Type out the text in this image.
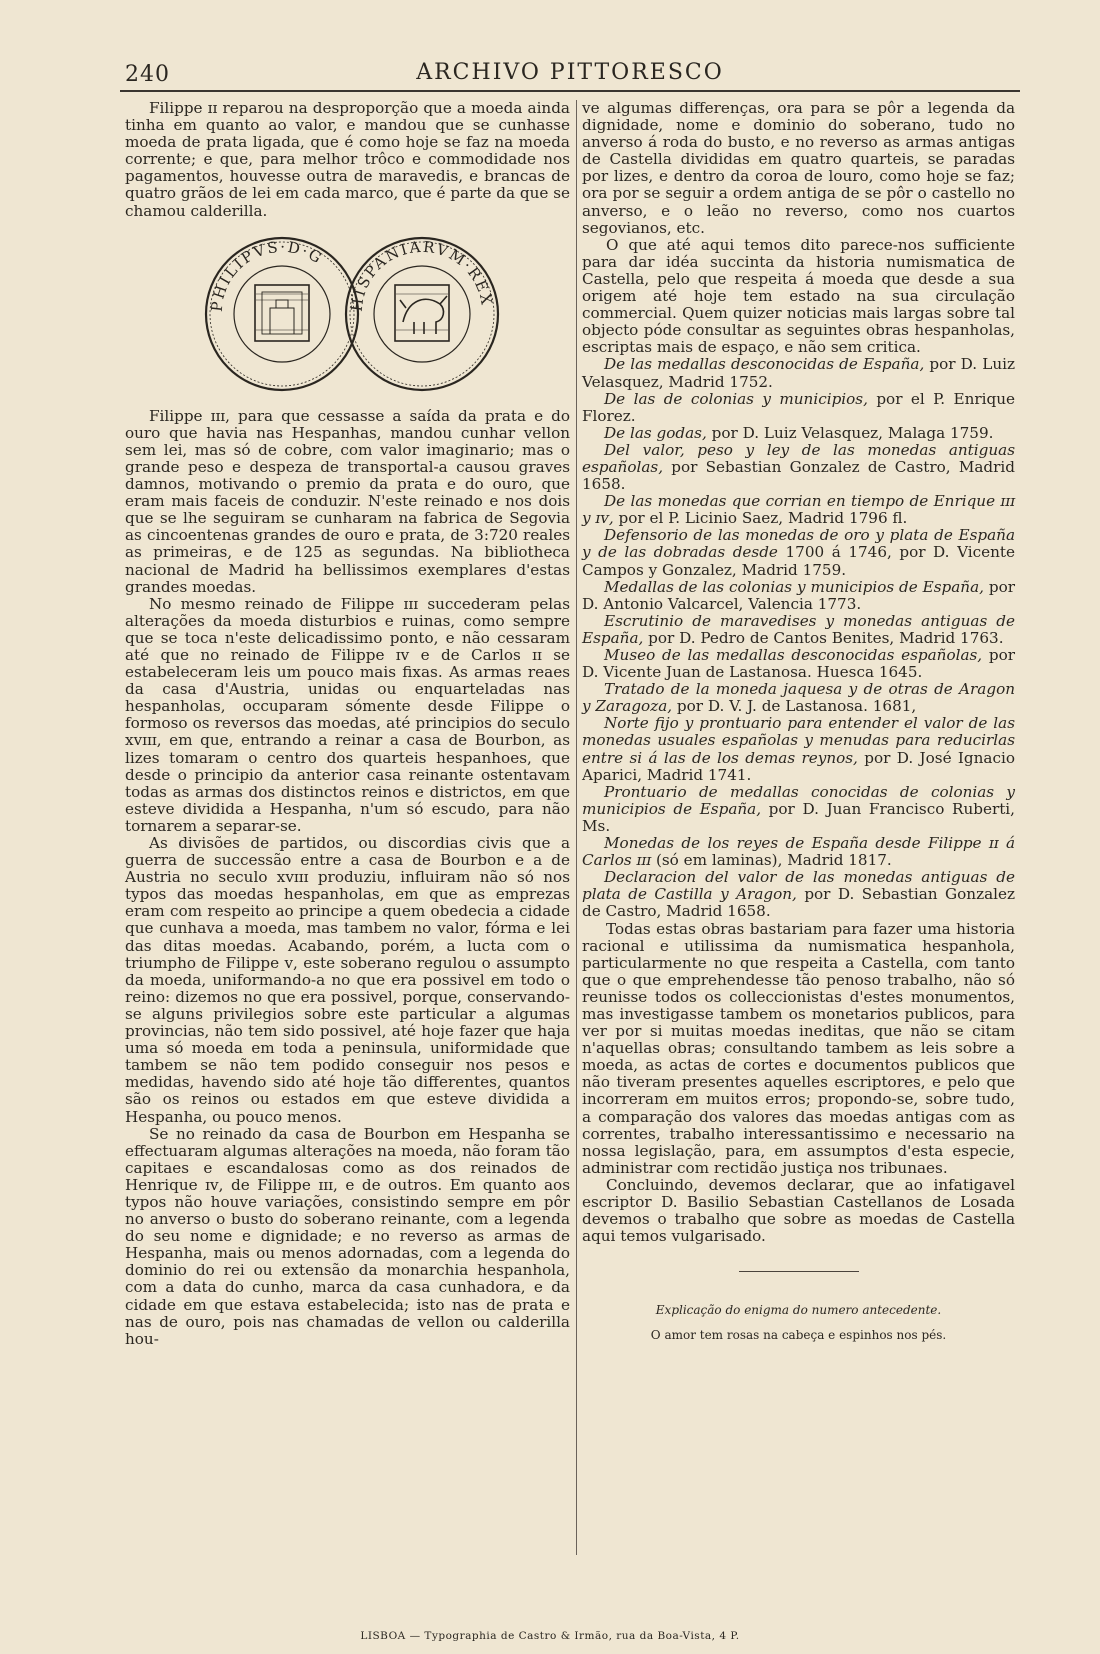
240	ARCHIVO PITTORESCO

Filippe ɪɪ reparou na desproporção que a moeda ainda tinha em quanto ao valor, e mandou que se cunhasse moeda de prata ligada, que é como hoje se faz na moeda corrente; e que, para melhor trôco e commodidade nos pagamentos, houvesse outra de maravedis, e brancas de quatro grãos de lei em cada marco, que é parte da que se chamou calderilla.

PHILIPVS·D·G
HISPANIARVM·REX

Filippe ɪɪɪ, para que cessasse a saída da prata e do ouro que havia nas Hespanhas, mandou cunhar vellon sem lei, mas só de cobre, com valor imaginario; mas o grande peso e despeza de transportal-a causou graves damnos, motivando o premio da prata e do ouro, que eram mais faceis de conduzir. N'este reinado e nos dois que se lhe seguiram se cunharam na fabrica de Segovia as cincoentenas grandes de ouro e prata, de 3:720 reales as primeiras, e de 125 as segundas. Na bibliotheca nacional de Madrid ha bellissimos exemplares d'estas grandes moedas.

No mesmo reinado de Filippe ɪɪɪ succederam pelas alterações da moeda disturbios e ruinas, como sempre que se toca n'este delicadissimo ponto, e não cessaram até que no reinado de Filippe ɪᴠ e de Carlos ɪɪ se estabeleceram leis um pouco mais fixas. As armas reaes da casa d'Austria, unidas ou enquarteladas nas hespanholas, occuparam sómente desde Filippe o formoso os reversos das moedas, até principios do seculo xᴠɪɪɪ, em que, entrando a reinar a casa de Bourbon, as lizes tomaram o centro dos quarteis hespanhoes, que desde o principio da anterior casa reinante ostentavam todas as armas dos distinctos reinos e districtos, em que esteve dividida a Hespanha, n'um só escudo, para não tornarem a separar-se.

As divisões de partidos, ou discordias civis que a guerra de successão entre a casa de Bourbon e a de Austria no seculo xᴠɪɪɪ produziu, influiram não só nos typos das moedas hespanholas, em que as emprezas eram com respeito ao principe a quem obedecia a cidade que cunhava a moeda, mas tambem no valor, fórma e lei das ditas moedas. Acabando, porém, a lucta com o triumpho de Filippe ᴠ, este soberano regulou o assumpto da moeda, uniformando-a no que era possivel em todo o reino: dizemos no que era possivel, porque, conservando-se alguns privilegios sobre este particular a algumas provincias, não tem sido possivel, até hoje fazer que haja uma só moeda em toda a peninsula, uniformidade que tambem se não tem podido conseguir nos pesos e medidas, havendo sido até hoje tão differentes, quantos são os reinos ou estados em que esteve dividida a Hespanha, ou pouco menos.

Se no reinado da casa de Bourbon em Hespanha se effectuaram algumas alterações na moeda, não foram tão capitaes e escandalosas como as dos reinados de Henrique ɪᴠ, de Filippe ɪɪɪ, e de outros. Em quanto aos typos não houve variações, consistindo sempre em pôr no anverso o busto do soberano reinante, com a legenda do seu nome e dignidade; e no reverso as armas de Hespanha, mais ou menos adornadas, com a legenda do dominio do rei ou extensão da monarchia hespanhola, com a data do cunho, marca da casa cunhadora, e da cidade em que estava estabelecida; isto nas de prata e nas de ouro, pois nas chamadas de vellon ou calderilla hou-

ve algumas differenças, ora para se pôr a legenda da dignidade, nome e dominio do soberano, tudo no anverso á roda do busto, e no reverso as armas antigas de Castella divididas em quatro quarteis, se paradas por lizes, e dentro da coroa de louro, como hoje se faz; ora por se seguir a ordem antiga de se pôr o castello no anverso, e o leão no reverso, como nos cuartos segovianos, etc.

O que até aqui temos dito parece-nos sufficiente para dar idéa succinta da historia numismatica de Castella, pelo que respeita á moeda que desde a sua origem até hoje tem estado na sua circulação commercial. Quem quizer noticias mais largas sobre tal objecto póde consultar as seguintes obras hespanholas, escriptas mais de espaço, e não sem critica.

De las medallas desconocidas de España, por D. Luiz Velasquez, Madrid 1752.

De las de colonias y municipios, por el P. Enrique Florez.

De las godas, por D. Luiz Velasquez, Malaga 1759.

Del valor, peso y ley de las monedas antiguas españolas, por Sebastian Gonzalez de Castro, Madrid 1658.

De las monedas que corrian en tiempo de Enrique ɪɪɪ y ɪᴠ, por el P. Licinio Saez, Madrid 1796 fl.

Defensorio de las monedas de oro y plata de España y de las dobradas desde 1700 á 1746, por D. Vicente Campos y Gonzalez, Madrid 1759.

Medallas de las colonias y municipios de España, por D. Antonio Valcarcel, Valencia 1773.

Escrutinio de maravedises y monedas antiguas de España, por D. Pedro de Cantos Benites, Madrid 1763.

Museo de las medallas desconocidas españolas, por D. Vicente Juan de Lastanosa. Huesca 1645.

Tratado de la moneda jaquesa y de otras de Aragon y Zaragoza, por D. V. J. de Lastanosa. 1681,

Norte fijo y prontuario para entender el valor de las monedas usuales españolas y menudas para reducirlas entre si á las de los demas reynos, por D. José Ignacio Aparici, Madrid 1741.

Prontuario de medallas conocidas de colonias y municipios de España, por D. Juan Francisco Ruberti, Ms.

Monedas de los reyes de España desde Filippe ɪɪ á Carlos ɪɪɪ (só em laminas), Madrid 1817.

Declaracion del valor de las monedas antiguas de plata de Castilla y Aragon, por D. Sebastian Gonzalez de Castro, Madrid 1658.

Todas estas obras bastariam para fazer uma historia racional e utilissima da numismatica hespanhola, particularmente no que respeita a Castella, com tanto que o que emprehendesse tão penoso trabalho, não só reunisse todos os colleccionistas d'estes monumentos, mas investigasse tambem os monetarios publicos, para ver por si muitas moedas ineditas, que não se citam n'aquellas obras; consultando tambem as leis sobre a moeda, as actas de cortes e documentos publicos que não tiveram presentes aquelles escriptores, e pelo que incorreram em muitos erros; propondo-se, sobre tudo, a comparação dos valores das moedas antigas com as correntes, trabalho interessantissimo e necessario na nossa legislação, para, em assumptos d'esta especie, administrar com rectidão justiça nos tribunaes.

Concluindo, devemos declarar, que ao infatigavel escriptor D. Basilio Sebastian Castellanos de Losada devemos o trabalho que sobre as moedas de Castella aqui temos vulgarisado.

Explicação do enigma do numero antecedente.
O amor tem rosas na cabeça e espinhos nos pés.
LISBOA — Typographia de Castro & Irmão, rua da Boa-Vista, 4 P.
